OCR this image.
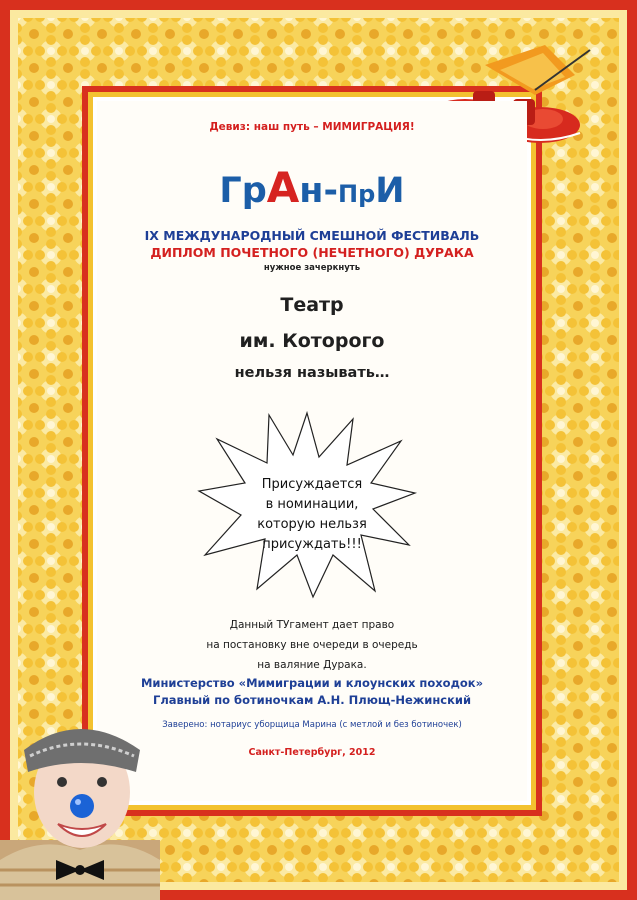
Девиз: наш путь – МИМИГРАЦИЯ!
ГрАн-ПрИ
IX МЕЖДУНАРОДНЫЙ СМЕШНОЙ ФЕСТИВАЛЬ
ДИПЛОМ ПОЧЕТНОГО (НЕЧЕТНОГО) ДУРАКА
нужное зачеркнуть
Театр
им. Которого
нельзя называть…
Присуждается
в номинации,
которую нельзя
присуждать!!!
Данный ТУгамент дает право
на постановку вне очереди в очередь
на валяние Дурака.
Министерство «Мимиграции и клоунских походок»
Главный по ботиночкам А.Н. Плющ-Нежинский
Заверено: нотариус уборщица Марина (с метлой и без ботиночек)
Санкт-Петербург, 2012
